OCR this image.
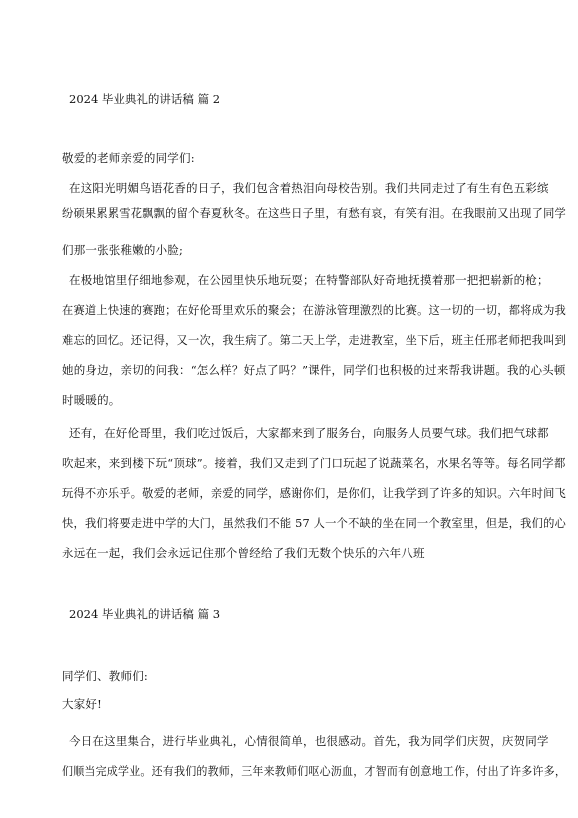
2024 毕业典礼的讲话稿 篇 2
敬爱的老师亲爱的同学们:
在这阳光明媚鸟语花香的日子，我们包含着热泪向母校告别。我们共同走过了有生有色五彩缤
纷硕果累累雪花飘飘的留个春夏秋冬。在这些日子里，有愁有哀，有笑有泪。在我眼前又出现了同学
们那一张张稚嫩的小脸;
在极地馆里仔细地参观，在公园里快乐地玩耍；在特警部队好奇地抚摸着那一把把崭新的枪；
在赛道上快速的赛跑；在好伦哥里欢乐的聚会；在游泳管理激烈的比赛。这一切的一切，都将成为我
难忘的回忆。还记得，又一次，我生病了。第二天上学，走进教室，坐下后，班主任邢老师把我叫到
她的身边，亲切的问我：“怎么样？好点了吗？”课件，同学们也积极的过来帮我讲题。我的心头顿
时暖暖的。
还有，在好伦哥里，我们吃过饭后，大家都来到了服务台，向服务人员要气球。我们把气球都
吹起来，来到楼下玩“顶球”。接着，我们又走到了门口玩起了说蔬菜名，水果名等等。每名同学都
玩得不亦乐乎。敬爱的老师，亲爱的同学，感谢你们，是你们，让我学到了许多的知识。六年时间飞
快，我们将要走进中学的大门，虽然我们不能 57 人一个不缺的坐在同一个教室里，但是，我们的心
永远在一起，我们会永远记住那个曾经给了我们无数个快乐的六年八班
2024 毕业典礼的讲话稿 篇 3
同学们、教师们:
大家好!
今日在这里集合，进行毕业典礼，心情很简单，也很感动。首先，我为同学们庆贺，庆贺同学
们顺当完成学业。还有我们的教师，三年来教师们呕心沥血，才智而有创意地工作，付出了许多许多，
